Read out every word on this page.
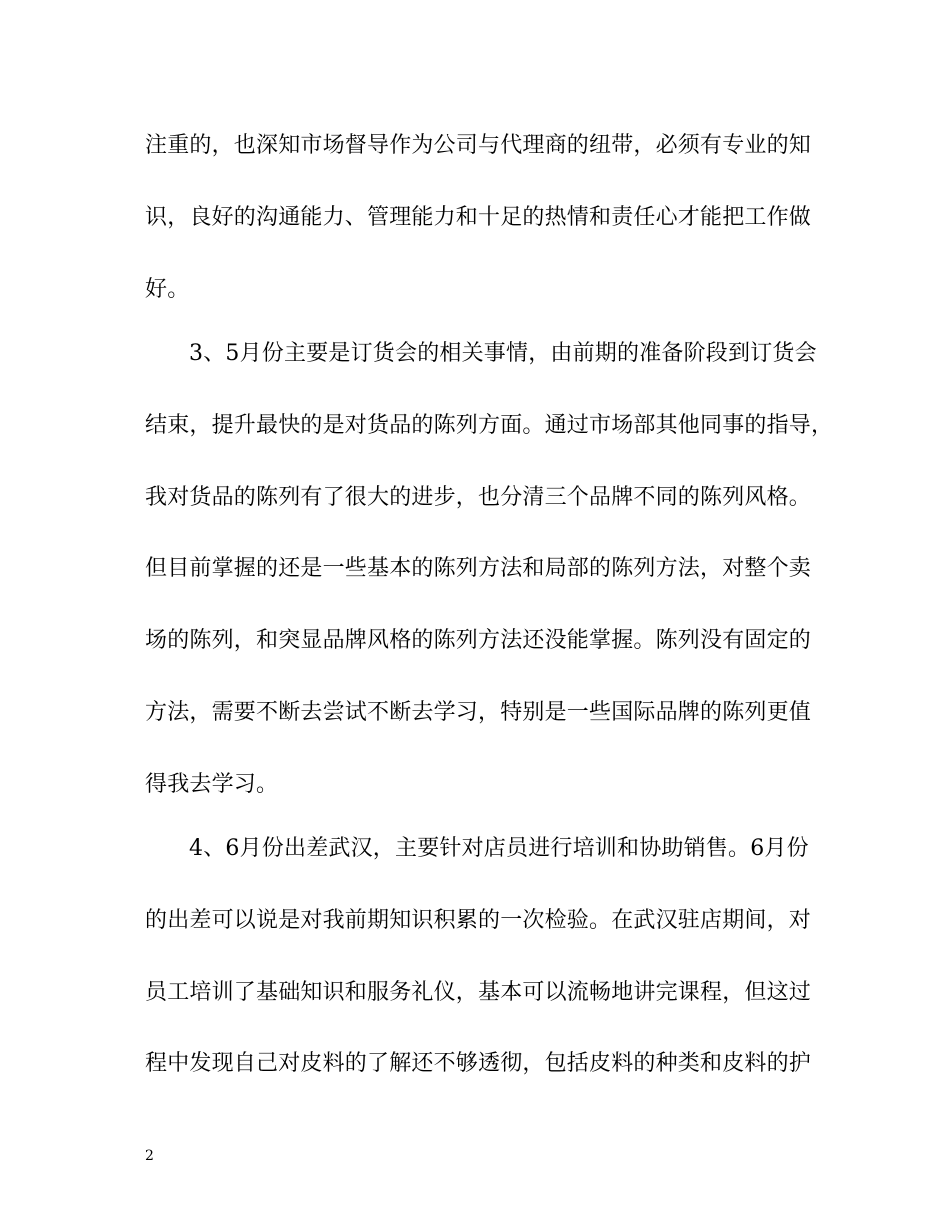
注重的，也深知市场督导作为公司与代理商的纽带，必须有专业的知
识，良好的沟通能力、管理能力和十足的热情和责任心才能把工作做
好。
3、5月份主要是订货会的相关事情，由前期的准备阶段到订货会
结束，提升最快的是对货品的陈列方面。通过市场部其他同事的指导，
我对货品的陈列有了很大的进步，也分清三个品牌不同的陈列风格。
但目前掌握的还是一些基本的陈列方法和局部的陈列方法，对整个卖
场的陈列，和突显品牌风格的陈列方法还没能掌握。陈列没有固定的
方法，需要不断去尝试不断去学习，特别是一些国际品牌的陈列更值
得我去学习。
4、6月份出差武汉，主要针对店员进行培训和协助销售。6月份
的出差可以说是对我前期知识积累的一次检验。在武汉驻店期间，对
员工培训了基础知识和服务礼仪，基本可以流畅地讲完课程，但这过
程中发现自己对皮料的了解还不够透彻，包括皮料的种类和皮料的护
2
